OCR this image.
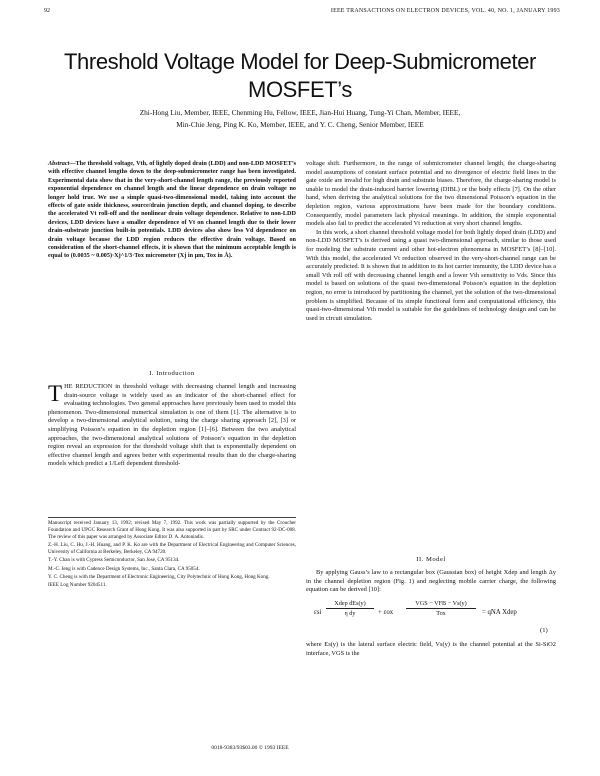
92	IEEE TRANSACTIONS ON ELECTRON DEVICES, VOL. 40, NO. 1, JANUARY 1993
Threshold Voltage Model for Deep-Submicrometer MOSFET’s
Zhi-Hong Liu, Member, IEEE, Chenming Hu, Fellow, IEEE, Jian-Hui Huang, Tung-Yi Chan, Member, IEEE,
Min-Chie Jeng, Ping K. Ko, Member, IEEE, and Y. C. Cheng, Senior Member, IEEE

Abstract—The threshold voltage, Vth, of lightly doped drain (LDD) and non-LDD MOSFET’s with effective channel lengths down to the deep-submicrometer range has been investigated. Experimental data show that in the very-short-channel length range, the previously reported exponential dependence on channel length and the linear dependence on drain voltage no longer hold true. We use a simple quasi-two-dimensional model, taking into account the effects of gate oxide thickness, source/drain junction depth, and channel doping, to describe the accelerated Vt roll-off and the nonlinear drain voltage dependence. Relative to non-LDD devices, LDD devices have a smaller dependence of Vt on channel length due to their lower drain-substrate junction built-in potentials. LDD devices also show less Vd dependence on drain voltage because the LDD region reduces the effective drain voltage. Based on consideration of the short-channel effects, it is shown that the minimum acceptable length is equal to (0.0035 ~ 0.005)·Xj^1/3·Tox micrometer (Xj in µm, Tox in Å).

I. Introduction
THE REDUCTION in threshold voltage with decreasing channel length and increasing drain-source voltage is widely used as an indicator of the short-channel effect for evaluating technologies. Two general approaches have previously been used to model this phenomenon. Two-dimensional numerical simulation is one of them [1]. The alternative is to develop a two-dimensional analytical solution, using the charge sharing approach [2], [3] or simplifying Poisson’s equation in the depletion region [1]–[6]. Between the two analytical approaches, the two-dimensional analytical solutions of Poisson’s equation in the depletion region reveal an expression for the threshold voltage shift that is exponentially dependent on effective channel length and agrees better with experimental results than do the charge-sharing models which predict a 1/Leff dependent threshold-

Manuscript received January 13, 1992; revised May 7, 1992. This work was partially supported by the Croucher Foundation and UPGC Research Grant of Hong Kong. It was also supported in part by SRC under Contract 92-DC-008. The review of this paper was arranged by Associate Editor D. A. Antoniadis.

Z.-H. Liu, C. Hu, J.-H. Huang, and P. K. Ko are with the Department of Electrical Engineering and Computer Sciences, University of California at Berkeley, Berkeley, CA 94720.

T.-Y. Chan is with Cypress Semiconductor, San Jose, CA 95134.

M.-C. Jeng is with Cadence Design Systems, Inc., Santa Clara, CA 95054.

Y. C. Cheng is with the Department of Electronic Engineering, City Polytechnic of Hong Kong, Hong Kong.

IEEE Log Number 9204511.

0018-9383/93$03.00 © 1993 IEEE

voltage shift. Furthermore, in the range of submicrometer channel length, the charge-sharing model assumptions of constant surface potential and no divergence of electric field lines in the gate oxide are invalid for high drain and substrate biases. Therefore, the charge-sharing model is unable to model the drain-induced barrier lowering (DIBL) or the body effects [7]. On the other hand, when deriving the analytical solutions for the two dimensional Poisson’s equation in the depletion region, various approximations have been made for the boundary conditions. Consequently, model parameters lack physical meanings. In addition, the simple exponential models also fail to predict the accelerated Vt reduction at very short channel lengths.

In this work, a short channel threshold voltage model for both lightly doped drain (LDD) and non-LDD MOSFET’s is derived using a quasi two-dimensional approach, similar to those used for modeling the substrate current and other hot-electron phenomena in MOSFET’s [8]–[10]. With this model, the accelerated Vt reduction observed in the very-short-channel range can be accurately predicted. It is shown that in addition to its hot carrier immunity, the LDD device has a small Vth roll off with decreasing channel length and a lower Vth sensitivity to Vds. Since this model is based on solutions of the quasi two-dimensional Poisson’s equation in the depletion region, no error is introduced by partitioning the channel, yet the solution of the two-dimensional problem is simplified. Because of its simple functional form and computational efficiency, this quasi-two-dimensional Vth model is suitable for the guidelines of technology design and can be used in circuit simulation.

II. Model
By applying Gauss’s law to a rectangular box (Gaussian box) of height Xdep and length Δy in the channel depletion region (Fig. 1) and neglecting mobile carrier charge, the following equation can be derived [10]:
εsi
Xdep dEs(y)
η dy	+ εox
VGS − VFB − Vs(y)
Tox	= qNA Xdep
(1)
where Es(y) is the lateral surface electric field, Vs(y) is the channel potential at the Si-SiO2 interface, VGS is the
